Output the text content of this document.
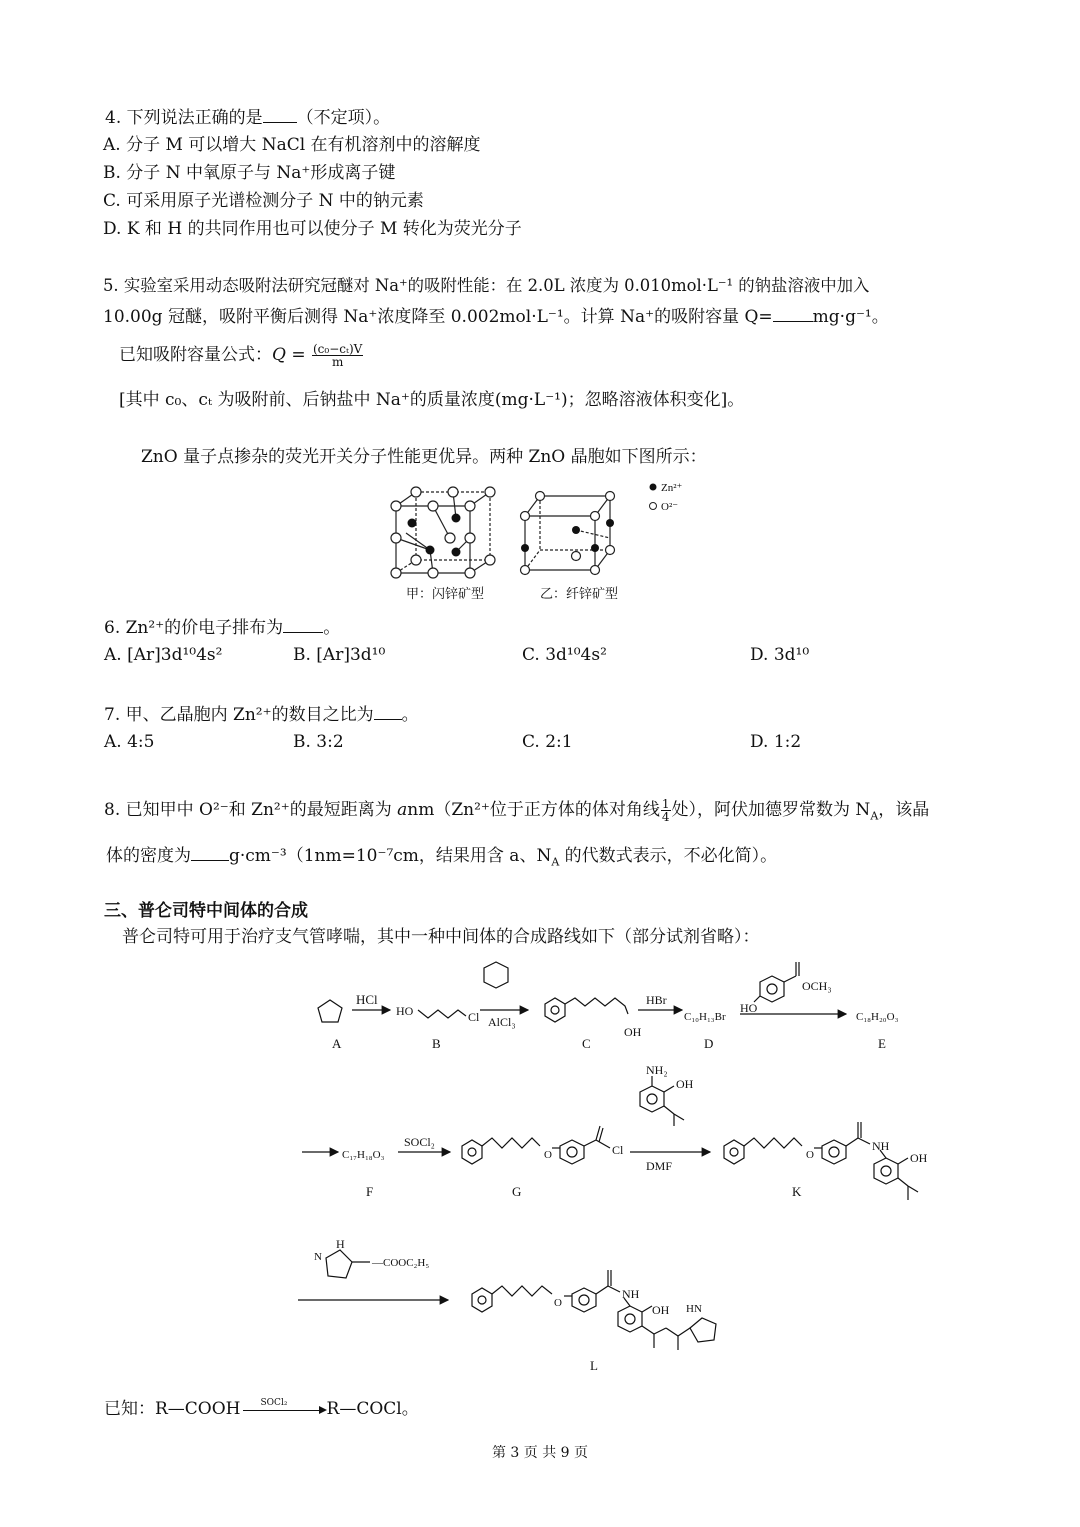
4. 下列说法正确的是 （不定项）。
A. 分子 M 可以增大 NaCl 在有机溶剂中的溶解度
B. 分子 N 中氧原子与 Na⁺形成离子键
C. 可采用原子光谱检测分子 N 中的钠元素
D. K 和 H 的共同作用也可以使分子 M 转化为荧光分子
5. 实验室采用动态吸附法研究冠醚对 Na⁺的吸附性能：在 2.0L 浓度为 0.010mol·L⁻¹ 的钠盐溶液中加入
10.00g 冠醚，吸附平衡后测得 Na⁺浓度降至 0.002mol·L⁻¹。计算 Na⁺的吸附容量 Q= mg·g⁻¹。
已知吸附容量公式：$Q = \frac{\text{(c₀−cₜ)V}}{m}$
[其中 c₀、cₜ 为吸附前、后钠盐中 Na⁺的质量浓度(mg·L⁻¹)；忽略溶液体积变化]。
ZnO 量子点掺杂的荧光开关分子性能更优异。两种 ZnO 晶胞如下图所示：
甲：闪锌矿型	乙：纤锌矿型
Zn²⁺
O²⁻
6. Zn²⁺的价电子排布为 。
A. [Ar]3d¹⁰4s²	B. [Ar]3d¹⁰	C. 3d¹⁰4s²	D. 3d¹⁰
7. 甲、乙晶胞内 Zn²⁺的数目之比为 。
A. 4:5	B. 3:2	C. 2:1	D. 1:2
8. 已知甲中 O²⁻和 Zn²⁺的最短距离为 anm（Zn²⁺位于正方体的体对角线 $\frac{1}{4}$ 处），阿伏加德罗常数为 $N_A$，该晶
体的密度为 g·cm⁻³（1nm=10⁻⁷cm，结果用含 a、$N_A$ 的代数式表示，不必化简）。
三、普仑司特中间体的合成
普仑司特可用于治疗支气管哮喘，其中一种中间体的合成路线如下（部分试剂省略）：
A
HCl
HO	Cl
B
AlCl₃
OH
C
HBr
C₁₀H₁₃Br
D
HO
OCH₃
C₁₈H₂₀O₃
E
C₁₇H₁₈O₃
F
SOCl₂
O	Cl
G
NH₂
OH
DMF
O
NH
OH
K
H
N	—COOC₂H₅
O
NH
OH HN
L
已知：R—COOH SOCl₂ R—COCl。
第 3 页 共 9 页
